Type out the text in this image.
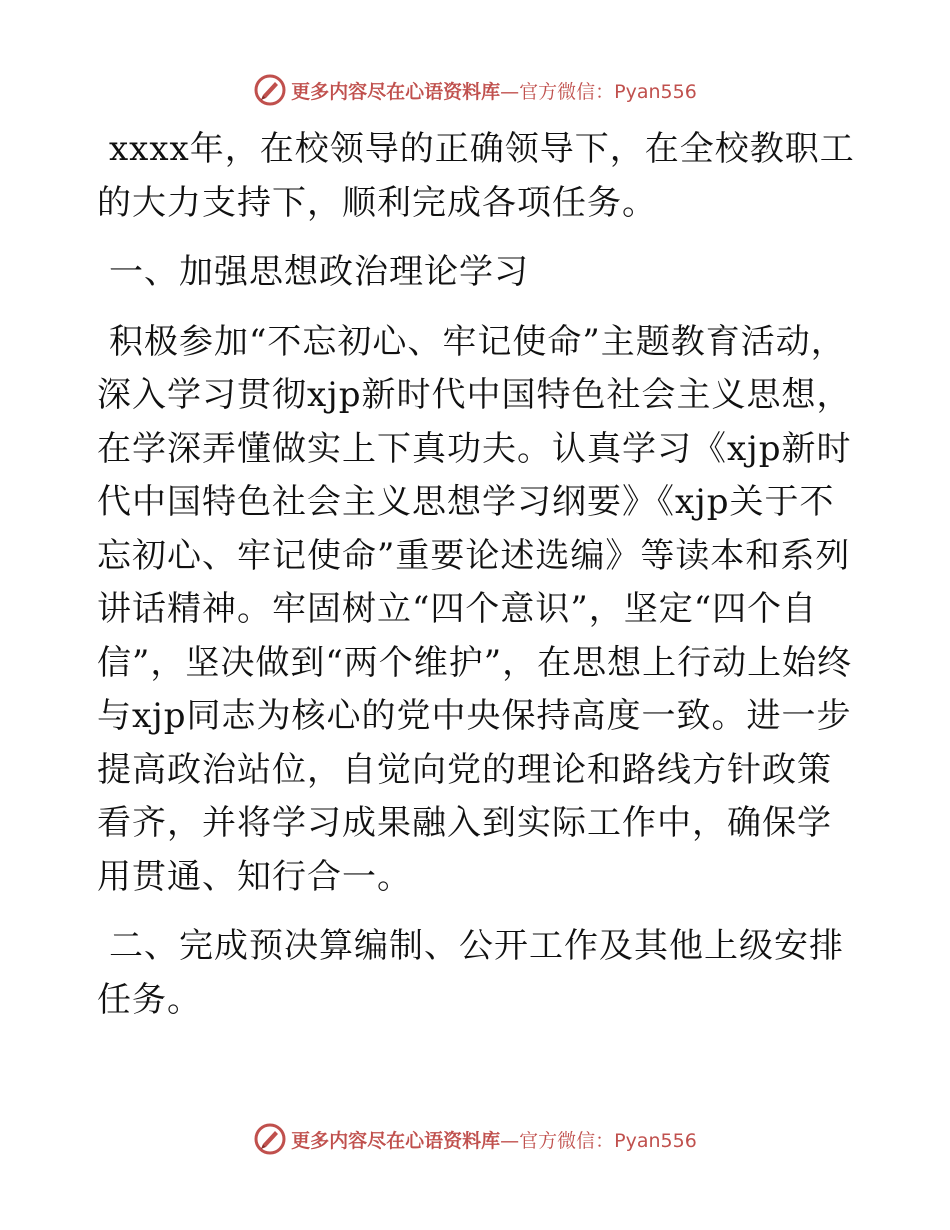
更多内容尽在心语资料库—官方微信：Pyan556

xxxx年，在校领导的正确领导下，在全校教职工的大力支持下，顺利完成各项任务。

一、加强思想政治理论学习

积极参加“不忘初心、牢记使命”主题教育活动，深入学习贯彻xjp新时代中国特色社会主义思想，在学深弄懂做实上下真功夫。认真学习《xjp新时代中国特色社会主义思想学习纲要》《xjp关于不忘初心、牢记使命”重要论述选编》等读本和系列讲话精神。牢固树立“四个意识”，坚定“四个自信”，坚决做到“两个维护”，在思想上行动上始终与xjp同志为核心的党中央保持高度一致。进一步提高政治站位，自觉向党的理论和路线方针政策看齐，并将学习成果融入到实际工作中，确保学用贯通、知行合一。

二、完成预决算编制、公开工作及其他上级安排任务。

更多内容尽在心语资料库—官方微信：Pyan556
